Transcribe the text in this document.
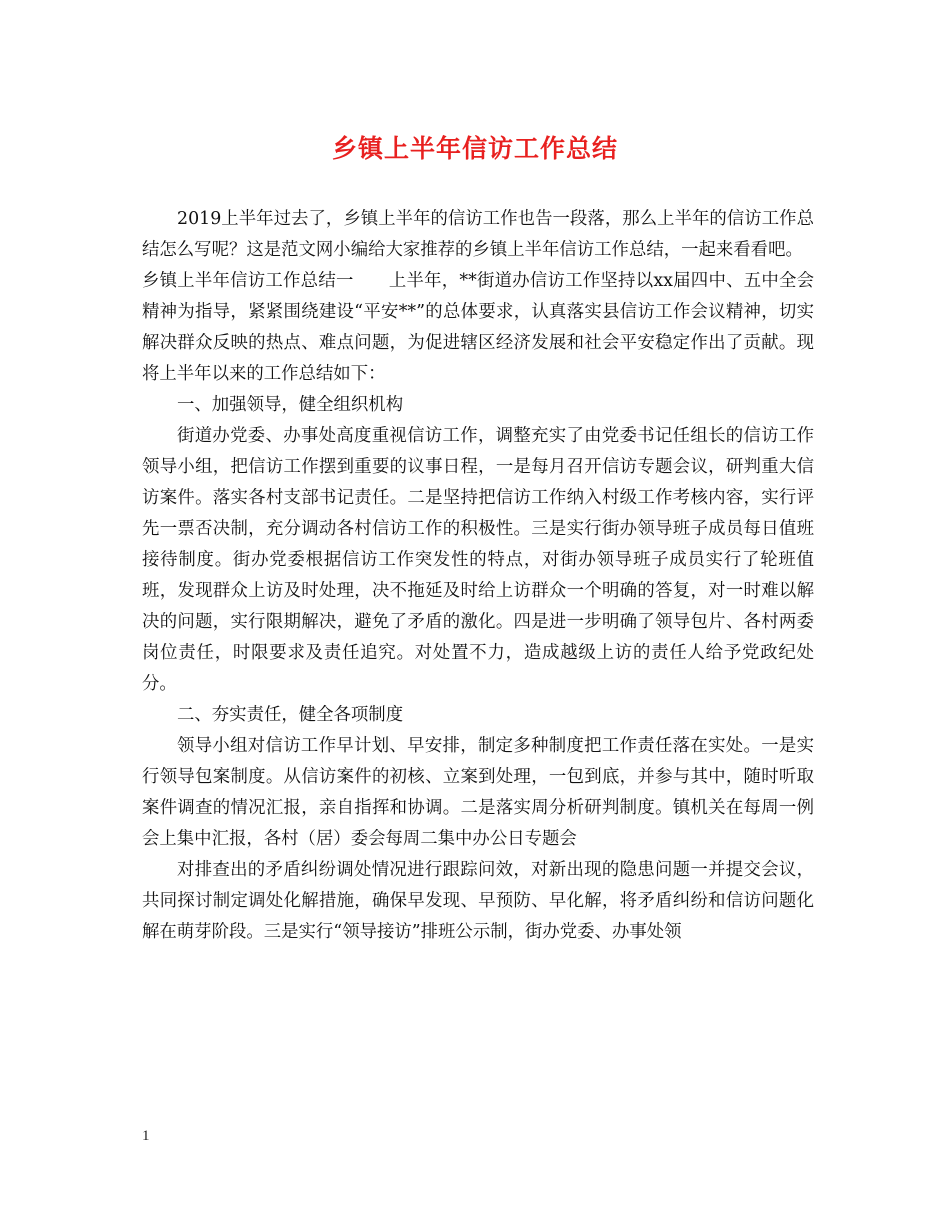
乡镇上半年信访工作总结

2019上半年过去了，乡镇上半年的信访工作也告一段落，那么上半年的信访工作总结怎么写呢？这是范文网小编给大家推荐的乡镇上半年信访工作总结，一起来看看吧。

乡镇上半年信访工作总结一　　上半年，**街道办信访工作坚持以xx届四中、五中全会精神为指导，紧紧围绕建设“平安**”的总体要求，认真落实县信访工作会议精神，切实解决群众反映的热点、难点问题，为促进辖区经济发展和社会平安稳定作出了贡献。现将上半年以来的工作总结如下：

一、加强领导，健全组织机构

街道办党委、办事处高度重视信访工作，调整充实了由党委书记任组长的信访工作领导小组，把信访工作摆到重要的议事日程，一是每月召开信访专题会议，研判重大信访案件。落实各村支部书记责任。二是坚持把信访工作纳入村级工作考核内容，实行评先一票否决制，充分调动各村信访工作的积极性。三是实行街办领导班子成员每日值班接待制度。街办党委根据信访工作突发性的特点，对街办领导班子成员实行了轮班值班，发现群众上访及时处理，决不拖延及时给上访群众一个明确的答复，对一时难以解决的问题，实行限期解决，避免了矛盾的激化。四是进一步明确了领导包片、各村两委岗位责任，时限要求及责任追究。对处置不力，造成越级上访的责任人给予党政纪处分。

二、夯实责任，健全各项制度

领导小组对信访工作早计划、早安排，制定多种制度把工作责任落在实处。一是实行领导包案制度。从信访案件的初核、立案到处理，一包到底，并参与其中，随时听取案件调查的情况汇报，亲自指挥和协调。二是落实周分析研判制度。镇机关在每周一例会上集中汇报，各村（居）委会每周二集中办公日专题会

对排查出的矛盾纠纷调处情况进行跟踪问效，对新出现的隐患问题一并提交会议，共同探讨制定调处化解措施，确保早发现、早预防、早化解，将矛盾纠纷和信访问题化解在萌芽阶段。三是实行“领导接访”排班公示制，街办党委、办事处领

1
